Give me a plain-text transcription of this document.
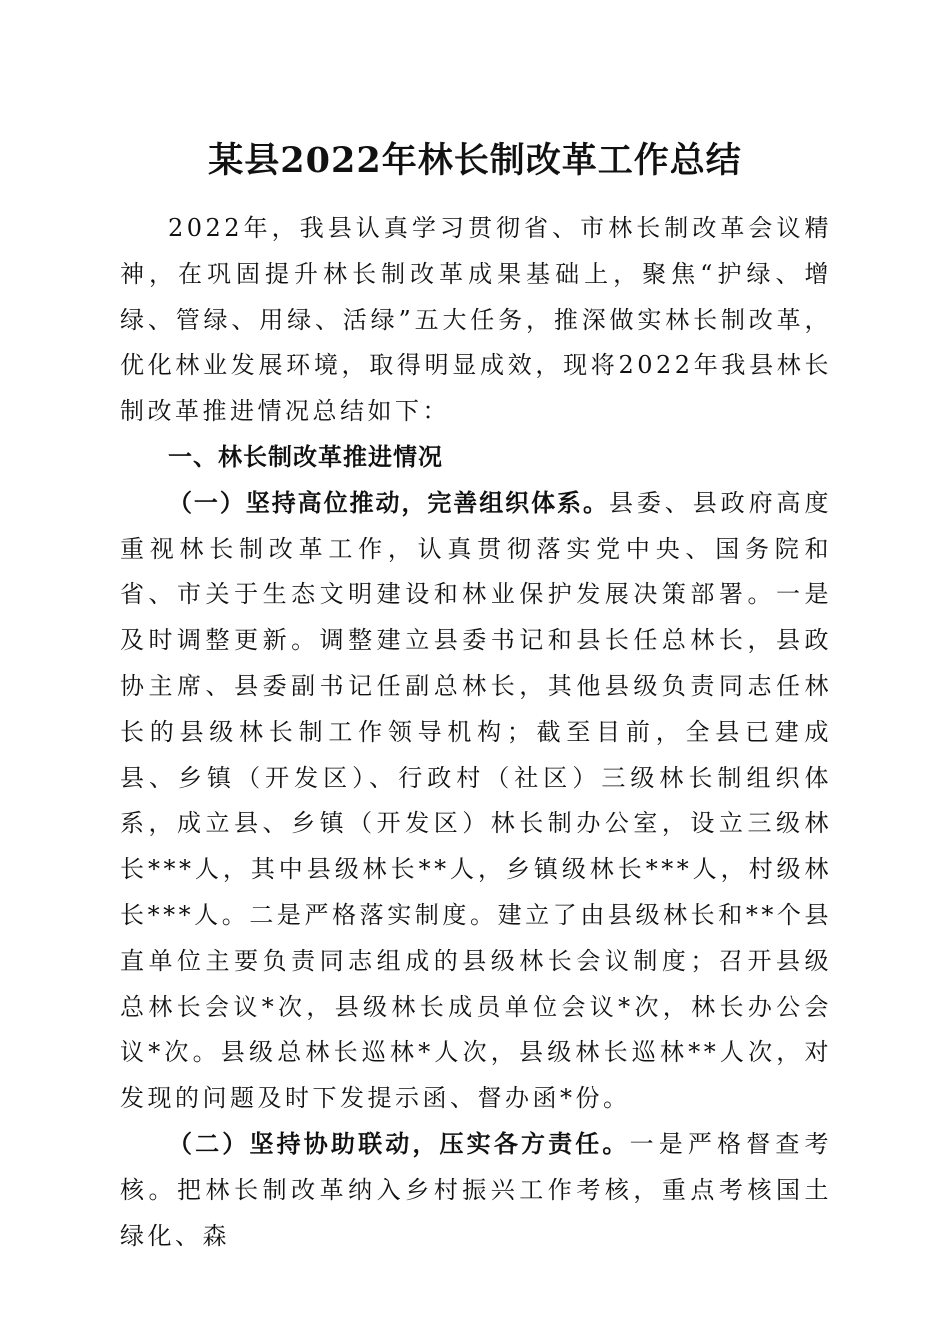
某县2022年林长制改革工作总结

2022年，我县认真学习贯彻省、市林长制改革会议精神，在巩固提升林长制改革成果基础上，聚焦“护绿、增绿、管绿、用绿、活绿”五大任务，推深做实林长制改革，优化林业发展环境，取得明显成效，现将2022年我县林长制改革推进情况总结如下：

一、林长制改革推进情况

（一）坚持高位推动，完善组织体系。县委、县政府高度重视林长制改革工作，认真贯彻落实党中央、国务院和省、市关于生态文明建设和林业保护发展决策部署。一是及时调整更新。调整建立县委书记和县长任总林长，县政协主席、县委副书记任副总林长，其他县级负责同志任林长的县级林长制工作领导机构；截至目前，全县已建成县、乡镇（开发区）、行政村（社区）三级林长制组织体系，成立县、乡镇（开发区）林长制办公室，设立三级林长***人，其中县级林长**人，乡镇级林长***人，村级林长***人。二是严格落实制度。建立了由县级林长和**个县直单位主要负责同志组成的县级林长会议制度；召开县级总林长会议*次，县级林长成员单位会议*次，林长办公会议*次。县级总林长巡林*人次，县级林长巡林**人次，对发现的问题及时下发提示函、督办函*份。

（二）坚持协助联动，压实各方责任。一是严格督查考核。把林长制改革纳入乡村振兴工作考核，重点考核国土绿化、森
